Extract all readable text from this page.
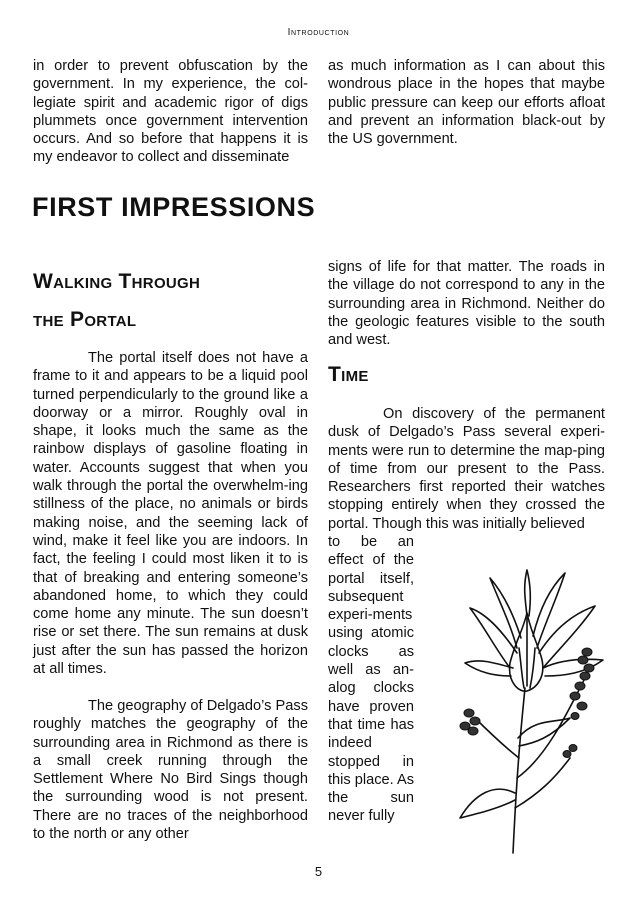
Introduction

in order to prevent obfuscation by the government. In my experience, the col-legiate spirit and academic rigor of digs plummets once government intervention occurs. And so before that happens it is my endeavor to collect and disseminate

as much information as I can about this wondrous place in the hopes that maybe public pressure can keep our efforts afloat and prevent an information black-out by the US government.

FIRST IMPRESSIONS
Walking Through
the Portal

The portal itself does not have a frame to it and appears to be a liquid pool turned perpendicularly to the ground like a doorway or a mirror. Roughly oval in shape, it looks much the same as the rainbow displays of gasoline floating in water. Accounts suggest that when you walk through the portal the overwhelm-ing stillness of the place, no animals or birds making noise, and the seeming lack of wind, make it feel like you are indoors. In fact, the feeling I could most liken it to is that of breaking and entering someone’s abandoned home, to which they could come home any minute. The sun doesn’t rise or set there. The sun remains at dusk just after the sun has passed the horizon at all times.

The geography of Delgado’s Pass roughly matches the geography of the surrounding area in Richmond as there is a small creek running through the Settlement Where No Bird Sings though the surrounding wood is not present. There are no traces of the neighborhood to the north or any other

signs of life for that matter. The roads in the village do not correspond to any in the surrounding area in Richmond. Neither do the geologic features visible to the south and west.

Time

On discovery of the permanent dusk of Delgado’s Pass several experi-ments were run to determine the map-ping of time from our present to the Pass. Researchers first reported their watches stopping entirely when they crossed the portal. Though this was initially believed

to be an effect of the portal itself, subsequent experi-ments using atomic clocks as well as an-alog clocks have proven that time has indeed stopped in this place. As the sun never fully

5
